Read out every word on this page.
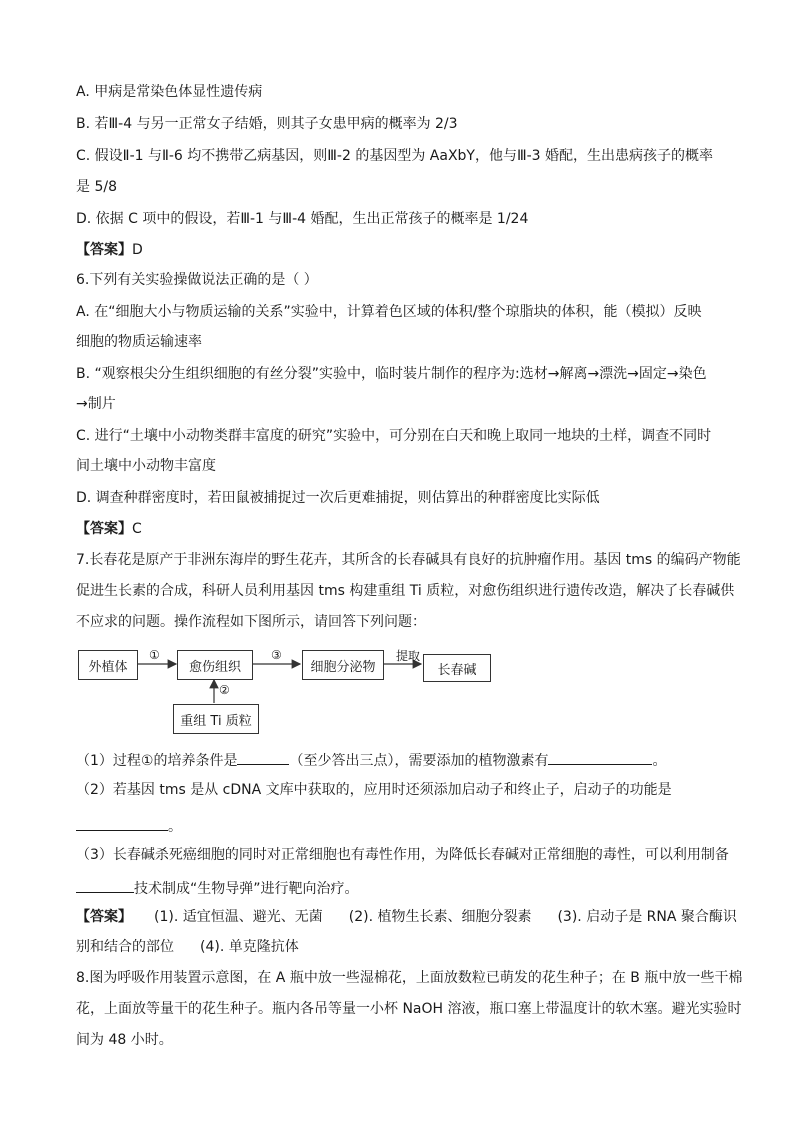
A. 甲病是常染色体显性遗传病
B. 若Ⅲ-4 与另一正常女子结婚，则其子女患甲病的概率为 2/3
C. 假设Ⅱ-1 与Ⅱ-6 均不携带乙病基因，则Ⅲ-2 的基因型为 AaXbY，他与Ⅲ-3 婚配，生出患病孩子的概率
是 5/8
D. 依据 C 项中的假设，若Ⅲ-1 与Ⅲ-4 婚配，生出正常孩子的概率是 1/24
【答案】D
6.下列有关实验操做说法正确的是（ ）
A. 在“细胞大小与物质运输的关系”实验中，计算着色区域的体积/整个琼脂块的体积，能（模拟）反映
细胞的物质运输速率
B. “观察根尖分生组织细胞的有丝分裂”实验中，临时装片制作的程序为:选材→解离→漂洗→固定→染色
→制片
C. 进行“土壤中小动物类群丰富度的研究”实验中，可分别在白天和晚上取同一地块的土样，调查不同时
间土壤中小动物丰富度
D. 调查种群密度时，若田鼠被捕捉过一次后更难捕捉，则估算出的种群密度比实际低
【答案】C
7.长春花是原产于非洲东海岸的野生花卉，其所含的长春碱具有良好的抗肿瘤作用。基因 tms 的编码产物能
促进生长素的合成，科研人员利用基因 tms 构建重组 Ti 质粒，对愈伤组织进行遗传改造，解决了长春碱供
不应求的问题。操作流程如下图所示，请回答下列问题：
外植体	愈伤组织	细胞分泌物	长春碱
重组 Ti 质粒
①	③	提取
②
（1）过程①的培养条件是	（至少答出三点），需要添加的植物激素有	。
（2）若基因 tms 是从 cDNA 文库中获取的，应用时还须添加启动子和终止子，启动子的功能是
。
（3）长春碱杀死癌细胞的同时对正常细胞也有毒性作用，为降低长春碱对正常细胞的毒性，可以利用制备
技术制成“生物导弹”进行靶向治疗。
【答案】 (1). 适宜恒温、避光、无菌 (2). 植物生长素、细胞分裂素 (3). 启动子是 RNA 聚合酶识
别和结合的部位 (4). 单克隆抗体
8.图为呼吸作用装置示意图，在 A 瓶中放一些湿棉花，上面放数粒已萌发的花生种子；在 B 瓶中放一些干棉
花，上面放等量干的花生种子。瓶内各吊等量一小杯 NaOH 溶液，瓶口塞上带温度计的软木塞。避光实验时
间为 48 小时。
